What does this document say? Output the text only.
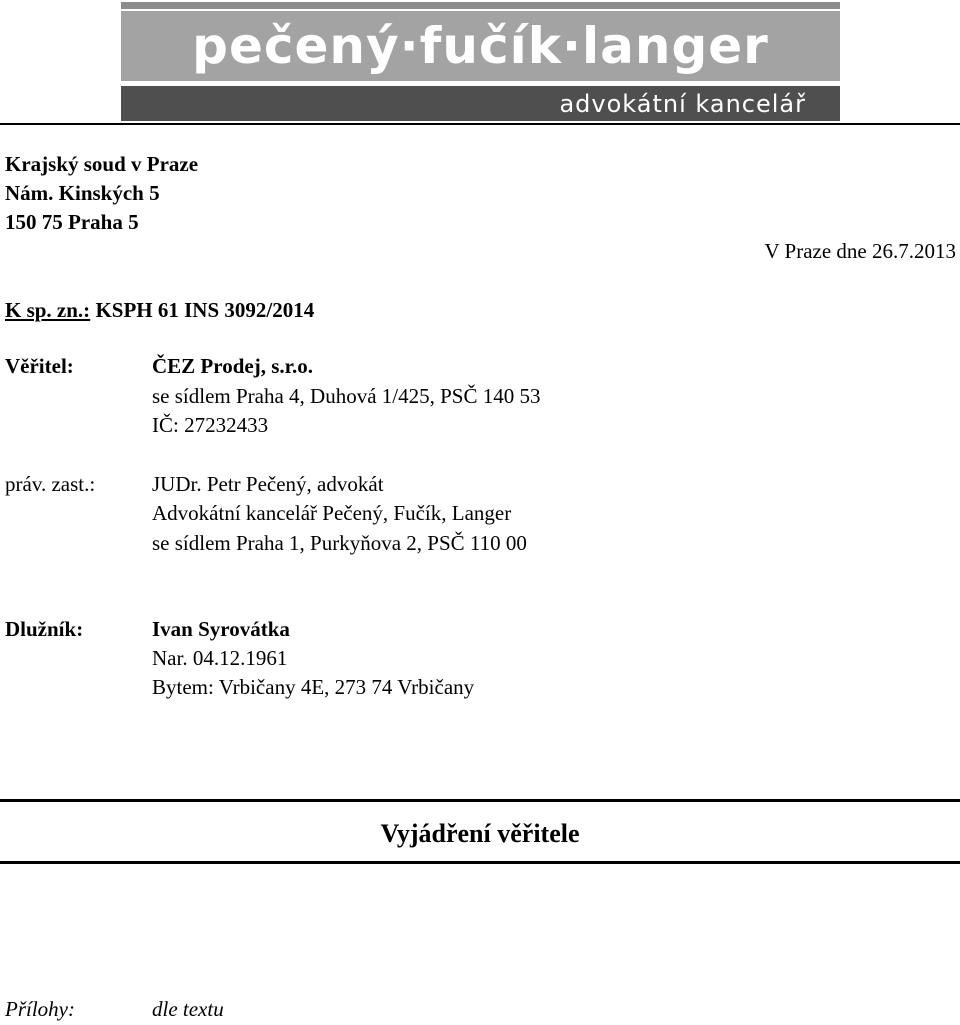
pečený·fučík·langer
advokátní kancelář
Krajský soud v Praze
Nám. Kinských 5
150 75 Praha 5
V Praze dne 26.7.2013
K sp. zn.: KSPH 61 INS 3092/2014
Věřitel:	ČEZ Prodej, s.r.o.
se sídlem Praha 4, Duhová 1/425, PSČ 140 53
IČ: 27232433
práv. zast.:	JUDr. Petr Pečený, advokát
Advokátní kancelář Pečený, Fučík, Langer
se sídlem Praha 1, Purkyňova 2, PSČ 110 00
Dlužník:	Ivan Syrovátka
Nar. 04.12.1961
Bytem: Vrbičany 4E, 273 74 Vrbičany
Vyjádření věřitele
Přílohy:	dle textu
